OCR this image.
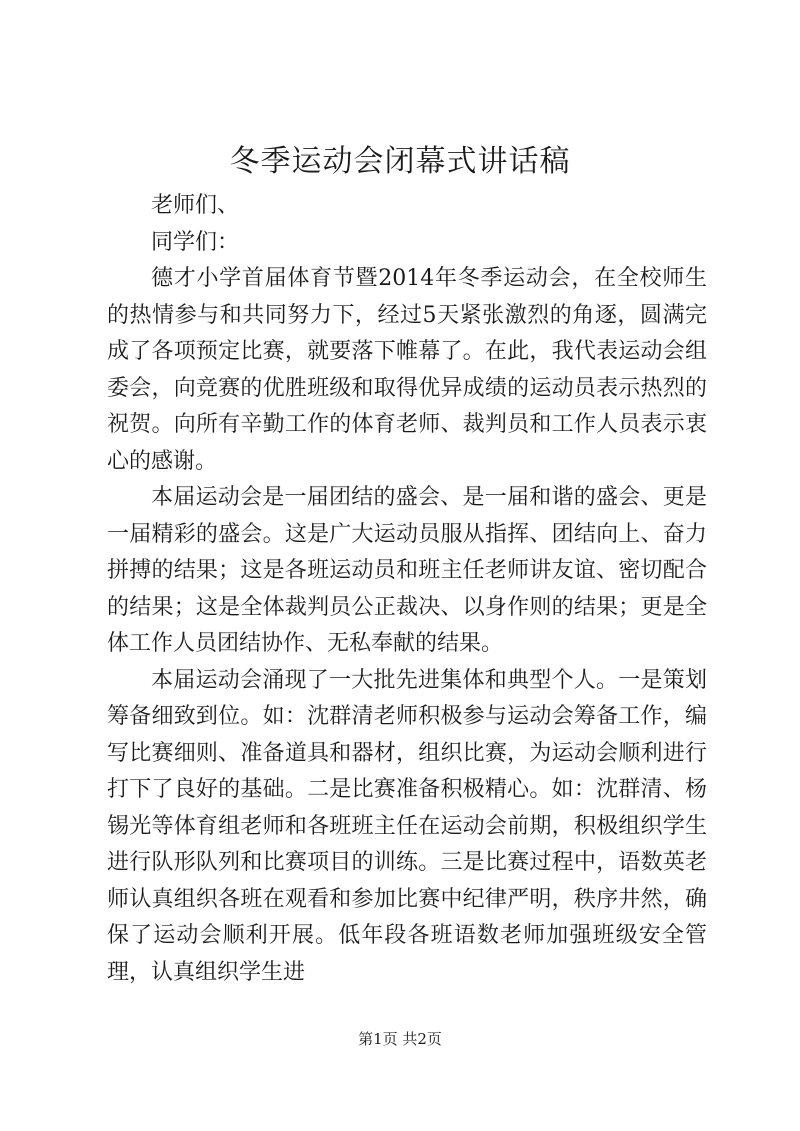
冬季运动会闭幕式讲话稿

老师们、

同学们：

德才小学首届体育节暨2014年冬季运动会，在全校师生的热情参与和共同努力下，经过5天紧张激烈的角逐，圆满完成了各项预定比赛，就要落下帷幕了。在此，我代表运动会组委会，向竞赛的优胜班级和取得优异成绩的运动员表示热烈的祝贺。向所有辛勤工作的体育老师、裁判员和工作人员表示衷心的感谢。

本届运动会是一届团结的盛会、是一届和谐的盛会、更是一届精彩的盛会。这是广大运动员服从指挥、团结向上、奋力拼搏的结果；这是各班运动员和班主任老师讲友谊、密切配合的结果；这是全体裁判员公正裁决、以身作则的结果；更是全体工作人员团结协作、无私奉献的结果。

本届运动会涌现了一大批先进集体和典型个人。一是策划筹备细致到位。如：沈群清老师积极参与运动会筹备工作，编写比赛细则、准备道具和器材，组织比赛，为运动会顺利进行打下了良好的基础。二是比赛准备积极精心。如：沈群清、杨锡光等体育组老师和各班班主任在运动会前期，积极组织学生进行队形队列和比赛项目的训练。三是比赛过程中，语数英老师认真组织各班在观看和参加比赛中纪律严明，秩序井然，确保了运动会顺利开展。低年段各班语数老师加强班级安全管理，认真组织学生进

第1页 共2页
